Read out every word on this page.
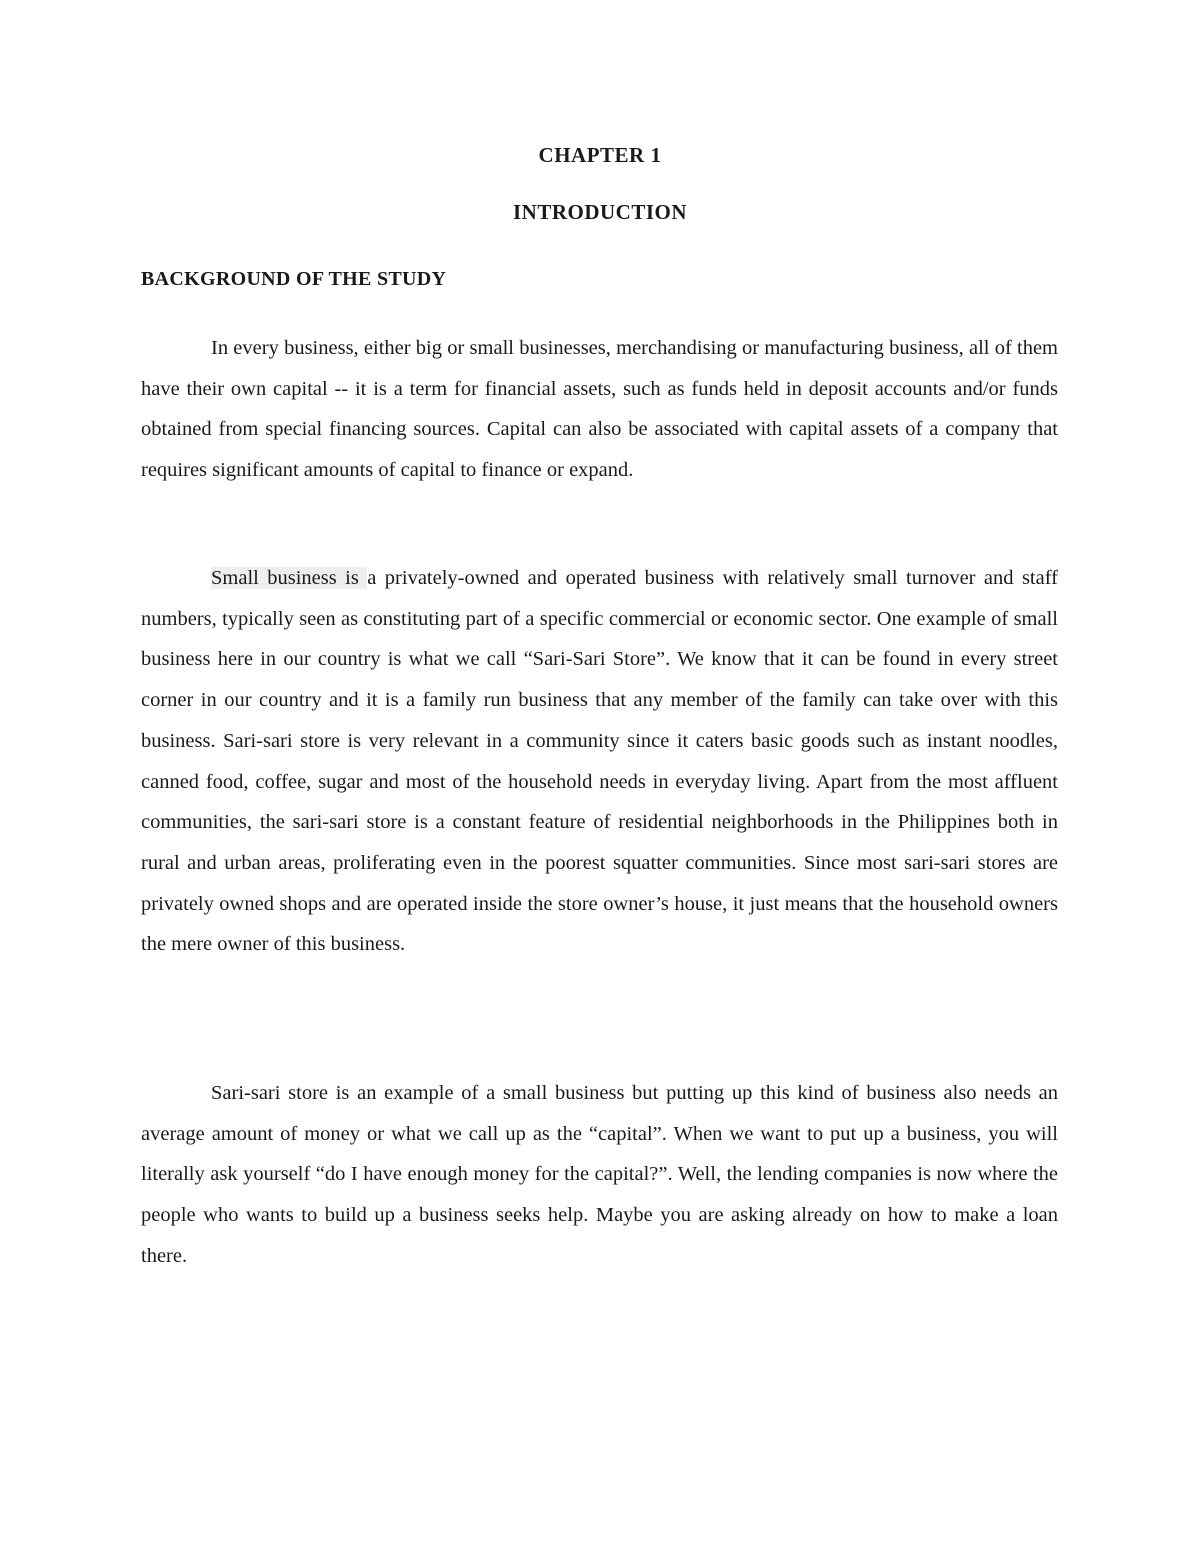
CHAPTER 1
INTRODUCTION
BACKGROUND OF THE STUDY

In every business, either big or small businesses, merchandising or manufacturing business, all of them have their own capital -- it is a term for financial assets, such as funds held in deposit accounts and/or funds obtained from special financing sources. Capital can also be associated with capital assets of a company that requires significant amounts of capital to finance or expand.

Small business is a privately-owned and operated business with relatively small turnover and staff numbers, typically seen as constituting part of a specific commercial or economic sector. One example of small business here in our country is what we call “Sari-Sari Store”. We know that it can be found in every street corner in our country and it is a family run business that any member of the family can take over with this business. Sari-sari store is very relevant in a community since it caters basic goods such as instant noodles, canned food, coffee, sugar and most of the household needs in everyday living. Apart from the most affluent communities, the sari-sari store is a constant feature of residential neighborhoods in the Philippines both in rural and urban areas, proliferating even in the poorest squatter communities. Since most sari-sari stores are privately owned shops and are operated inside the store owner’s house, it just means that the household owners the mere owner of this business.

Sari-sari store is an example of a small business but putting up this kind of business also needs an average amount of money or what we call up as the “capital”. When we want to put up a business, you will literally ask yourself “do I have enough money for the capital?”. Well, the lending companies is now where the people who wants to build up a business seeks help. Maybe you are asking already on how to make a loan there.
